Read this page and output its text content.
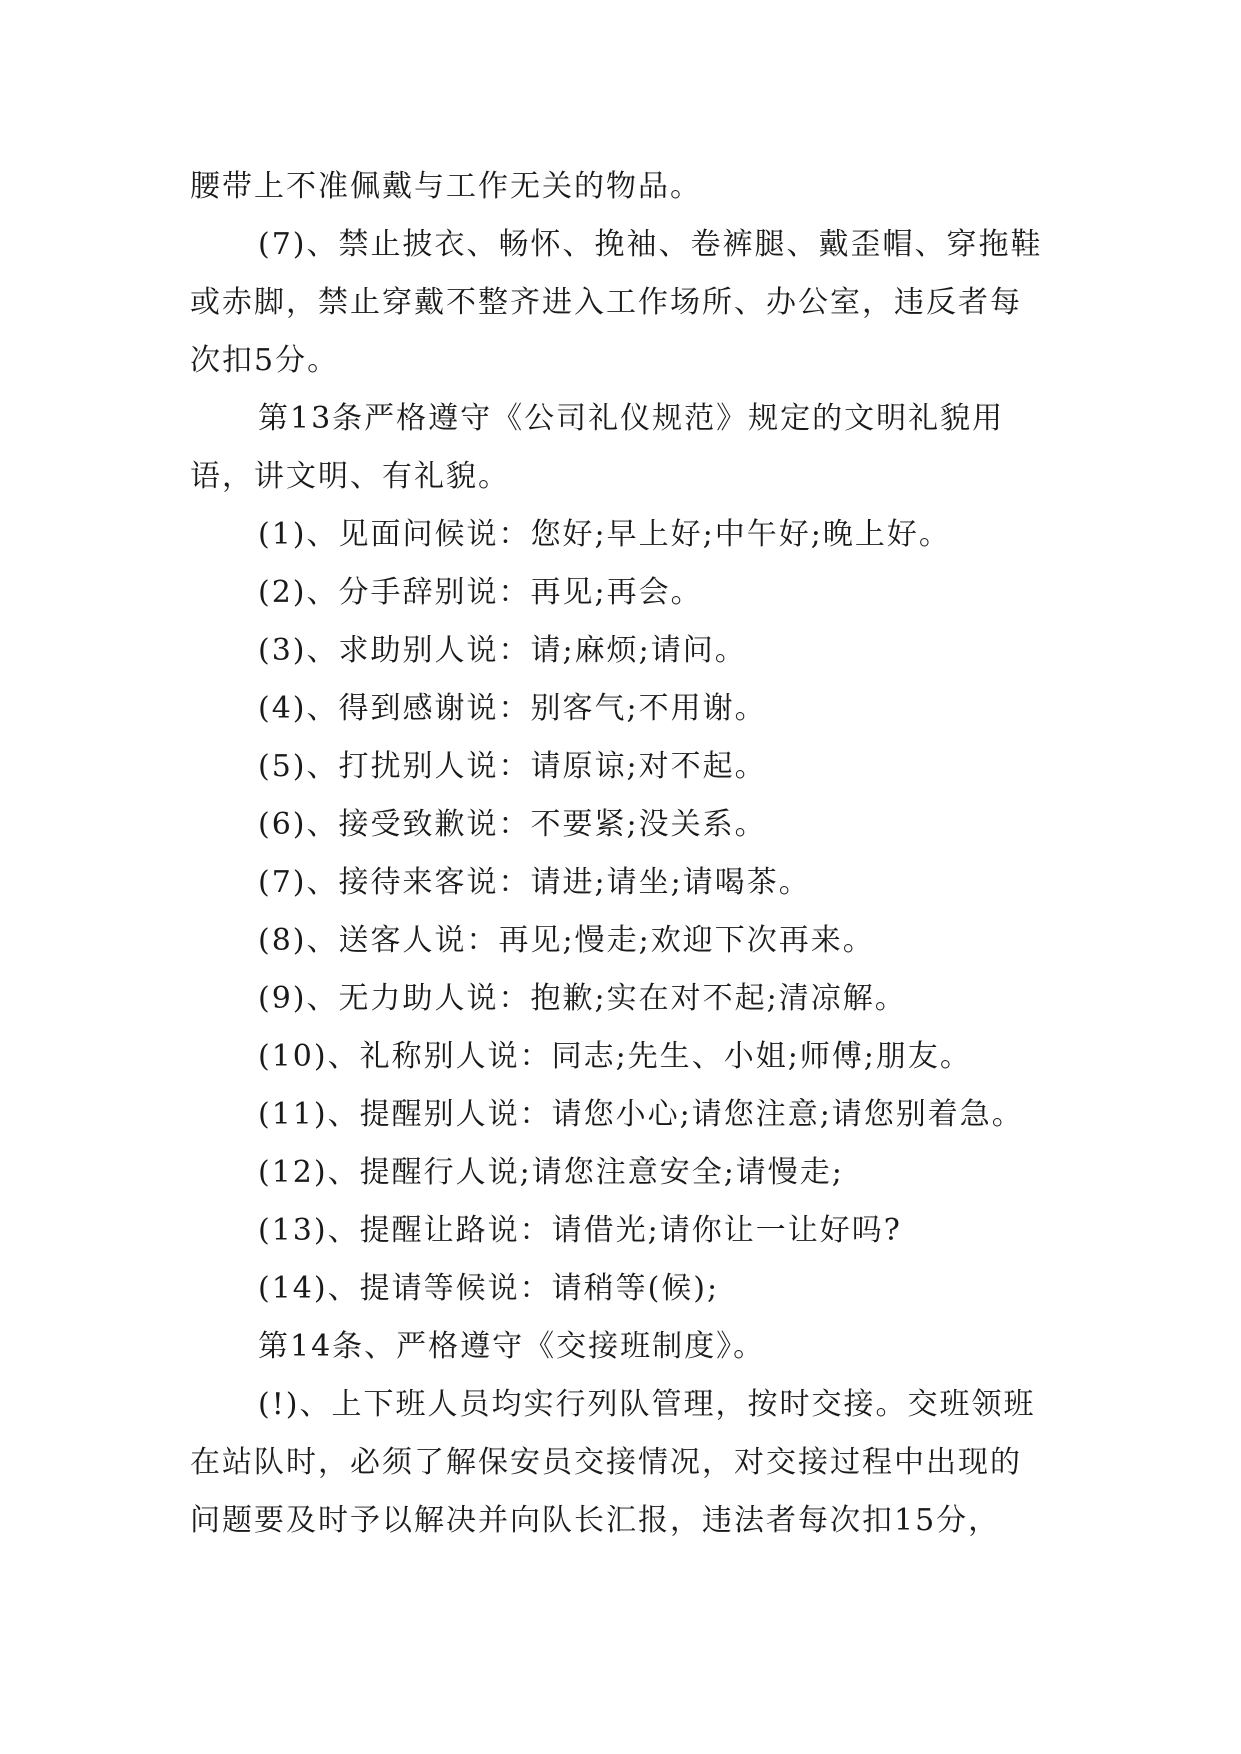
腰带上不准佩戴与工作无关的物品。

(7)、禁止披衣、畅怀、挽袖、卷裤腿、戴歪帽、穿拖鞋或赤脚，禁止穿戴不整齐进入工作场所、办公室，违反者每次扣5分。

第13条严格遵守《公司礼仪规范》规定的文明礼貌用语，讲文明、有礼貌。

(1)、见面问候说：您好;早上好;中午好;晚上好。

(2)、分手辞别说：再见;再会。

(3)、求助别人说：请;麻烦;请问。

(4)、得到感谢说：别客气;不用谢。

(5)、打扰别人说：请原谅;对不起。

(6)、接受致歉说：不要紧;没关系。

(7)、接待来客说：请进;请坐;请喝茶。

(8)、送客人说：再见;慢走;欢迎下次再来。

(9)、无力助人说：抱歉;实在对不起;清凉解。

(10)、礼称别人说：同志;先生、小姐;师傅;朋友。

(11)、提醒别人说：请您小心;请您注意;请您别着急。

(12)、提醒行人说;请您注意安全;请慢走;

(13)、提醒让路说：请借光;请你让一让好吗?

(14)、提请等候说：请稍等(候);

第14条、严格遵守《交接班制度》。

(!)、上下班人员均实行列队管理，按时交接。交班领班在站队时，必须了解保安员交接情况，对交接过程中出现的问题要及时予以解决并向队长汇报，违法者每次扣15分，
